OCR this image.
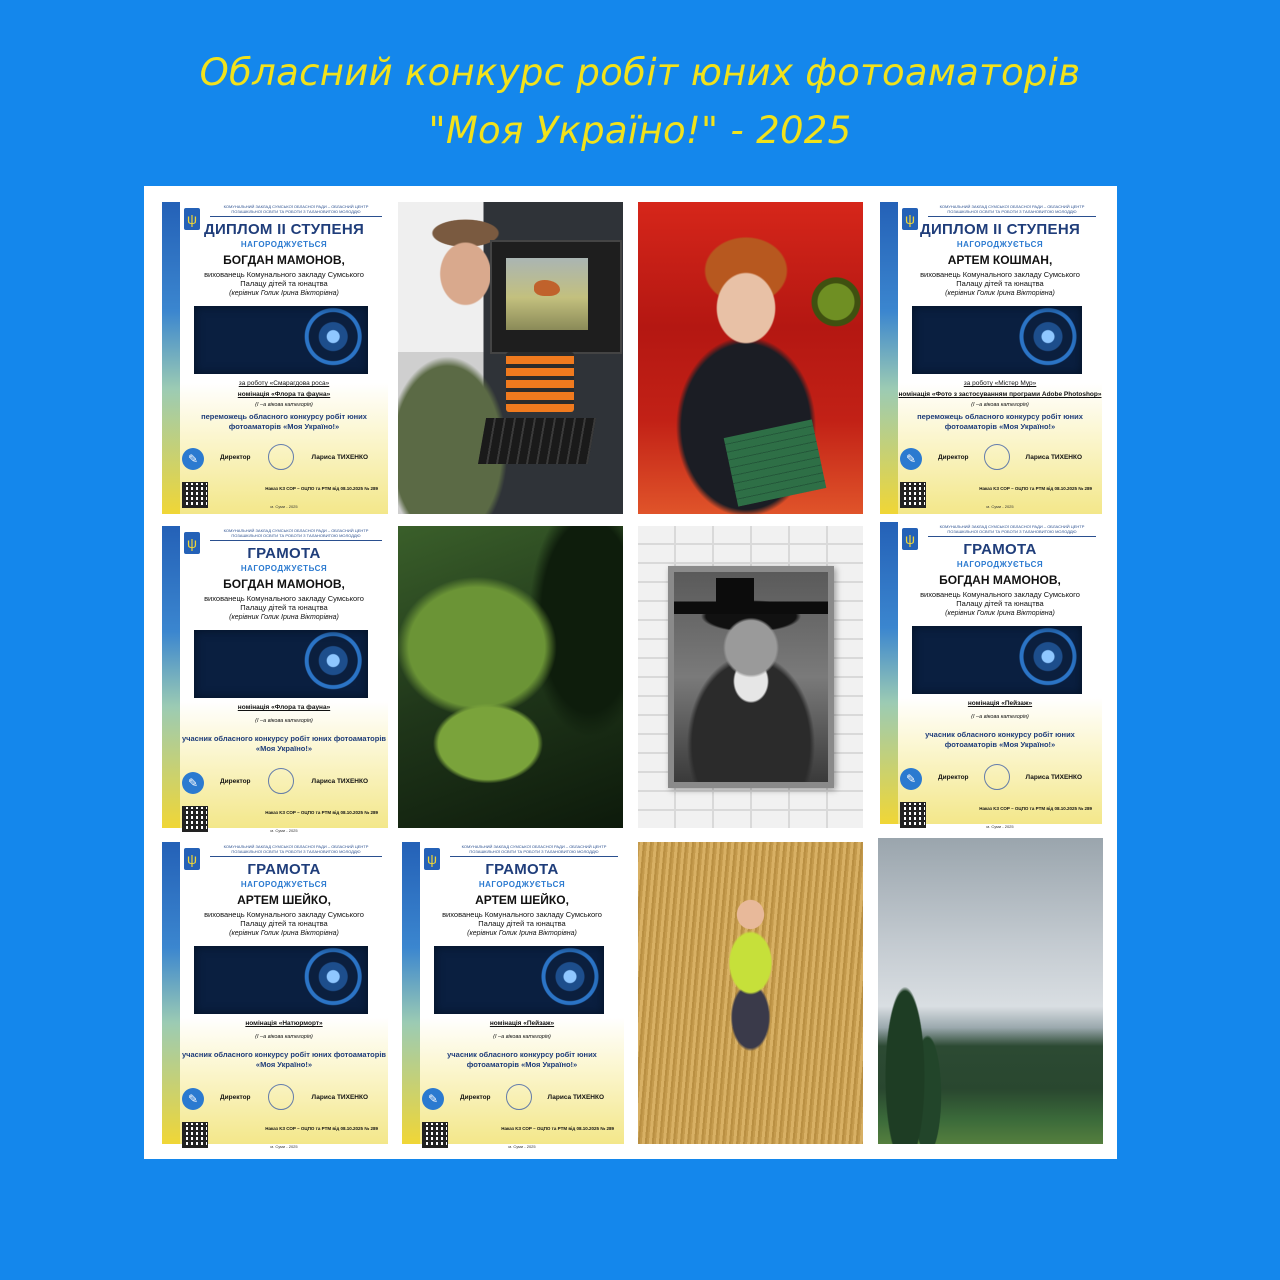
Обласний конкурс робіт юних фотоаматорів
"Моя Україно!" - 2025
ψ
КОМУНАЛЬНИЙ ЗАКЛАД СУМСЬКОЇ ОБЛАСНОЇ РАДИ – ОБЛАСНИЙ ЦЕНТР ПОЗАШКІЛЬНОЇ ОСВІТИ ТА РОБОТИ З ТАЛАНОВИТОЮ МОЛОДДЮ
ДИПЛОМ ІІ СТУПЕНЯ
НАГОРОДЖУЄТЬСЯ
БОГДАН МАМОНОВ,
вихованець Комунального закладу Сумського Палацу дітей та юнацтва
(керівник Голик Ірина Вікторівна)
за роботу «Смарагдова роса»
номінація «Флора та фауна»
(І –а вікова категорія)
переможець обласного конкурсу робіт юних фотоаматорів «Моя Україно!»
✎	Директор	Лариса ТИХЕНКО
Наказ КЗ СОР – ОЦПО та РТМ від 08.10.2025 № 289
м. Суми - 2025
ψ
КОМУНАЛЬНИЙ ЗАКЛАД СУМСЬКОЇ ОБЛАСНОЇ РАДИ – ОБЛАСНИЙ ЦЕНТР ПОЗАШКІЛЬНОЇ ОСВІТИ ТА РОБОТИ З ТАЛАНОВИТОЮ МОЛОДДЮ
ДИПЛОМ ІІ СТУПЕНЯ
НАГОРОДЖУЄТЬСЯ
АРТЕМ КОШМАН,
вихованець Комунального закладу Сумського Палацу дітей та юнацтва
(керівник Голик Ірина Вікторівна)
за роботу «Містер Мур»
номінація «Фото з застосуванням програми Adobe Photoshop»
(І –а вікова категорія)
переможець обласного конкурсу робіт юних фотоаматорів «Моя Україно!»
✎	Директор	Лариса ТИХЕНКО
Наказ КЗ СОР – ОЦПО та РТМ від 08.10.2025 № 289
м. Суми - 2025
ψ
КОМУНАЛЬНИЙ ЗАКЛАД СУМСЬКОЇ ОБЛАСНОЇ РАДИ – ОБЛАСНИЙ ЦЕНТР ПОЗАШКІЛЬНОЇ ОСВІТИ ТА РОБОТИ З ТАЛАНОВИТОЮ МОЛОДДЮ
ГРАМОТА
НАГОРОДЖУЄТЬСЯ
БОГДАН МАМОНОВ,
вихованець Комунального закладу Сумського Палацу дітей та юнацтва
(керівник Голик Ірина Вікторівна)
номінація «Флора та фауна»
(І –а вікова категорія)
учасник обласного конкурсу робіт юних фотоаматорів «Моя Україно!»
✎	Директор	Лариса ТИХЕНКО
Наказ КЗ СОР – ОЦПО та РТМ від 08.10.2025 № 289
м. Суми - 2025
ψ
КОМУНАЛЬНИЙ ЗАКЛАД СУМСЬКОЇ ОБЛАСНОЇ РАДИ – ОБЛАСНИЙ ЦЕНТР ПОЗАШКІЛЬНОЇ ОСВІТИ ТА РОБОТИ З ТАЛАНОВИТОЮ МОЛОДДЮ
ГРАМОТА
НАГОРОДЖУЄТЬСЯ
БОГДАН МАМОНОВ,
вихованець Комунального закладу Сумського Палацу дітей та юнацтва
(керівник Голик Ірина Вікторівна)
номінація «Пейзаж»
(І –а вікова категорія)
учасник обласного конкурсу робіт юних фотоаматорів «Моя Україно!»
✎	Директор	Лариса ТИХЕНКО
Наказ КЗ СОР – ОЦПО та РТМ від 08.10.2025 № 289
м. Суми - 2025
ψ
КОМУНАЛЬНИЙ ЗАКЛАД СУМСЬКОЇ ОБЛАСНОЇ РАДИ – ОБЛАСНИЙ ЦЕНТР ПОЗАШКІЛЬНОЇ ОСВІТИ ТА РОБОТИ З ТАЛАНОВИТОЮ МОЛОДДЮ
ГРАМОТА
НАГОРОДЖУЄТЬСЯ
АРТЕМ ШЕЙКО,
вихованець Комунального закладу Сумського Палацу дітей та юнацтва
(керівник Голик Ірина Вікторівна)
номінація «Натюрморт»
(І –а вікова категорія)
учасник обласного конкурсу робіт юних фотоаматорів «Моя Україно!»
✎	Директор	Лариса ТИХЕНКО
Наказ КЗ СОР – ОЦПО та РТМ від 08.10.2025 № 289
м. Суми - 2025
ψ
КОМУНАЛЬНИЙ ЗАКЛАД СУМСЬКОЇ ОБЛАСНОЇ РАДИ – ОБЛАСНИЙ ЦЕНТР ПОЗАШКІЛЬНОЇ ОСВІТИ ТА РОБОТИ З ТАЛАНОВИТОЮ МОЛОДДЮ
ГРАМОТА
НАГОРОДЖУЄТЬСЯ
АРТЕМ ШЕЙКО,
вихованець Комунального закладу Сумського Палацу дітей та юнацтва
(керівник Голик Ірина Вікторівна)
номінація «Пейзаж»
(І –а вікова категорія)
учасник обласного конкурсу робіт юних фотоаматорів «Моя Україно!»
✎	Директор	Лариса ТИХЕНКО
Наказ КЗ СОР – ОЦПО та РТМ від 08.10.2025 № 289
м. Суми - 2025
